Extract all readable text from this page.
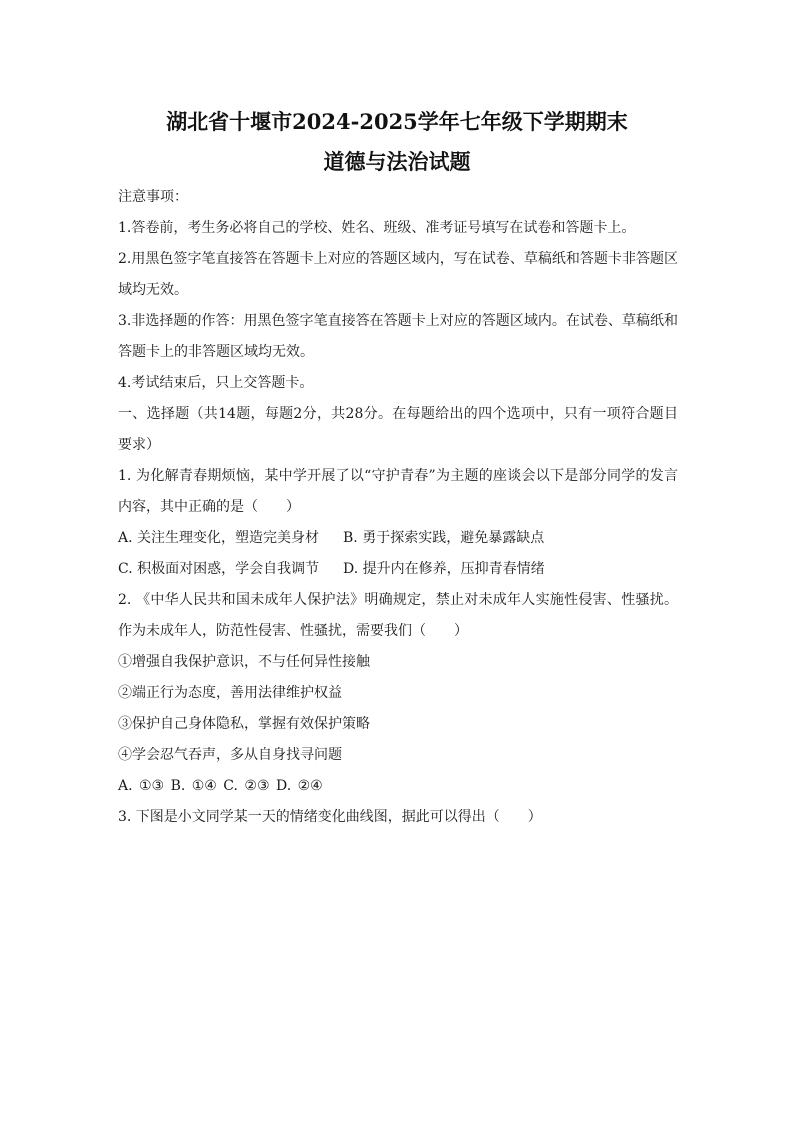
湖北省十堰市2024-2025学年七年级下学期期末
道德与法治试题
注意事项：
1.答卷前，考生务必将自己的学校、姓名、班级、准考证号填写在试卷和答题卡上。
2.用黑色签字笔直接答在答题卡上对应的答题区域内，写在试卷、草稿纸和答题卡非答题区
域均无效。
3.非选择题的作答：用黑色签字笔直接答在答题卡上对应的答题区域内。在试卷、草稿纸和
答题卡上的非答题区域均无效。
4.考试结束后，只上交答题卡。
一、选择题（共14题，每题2分，共28分。在每题给出的四个选项中，只有一项符合题目
要求）
1. 为化解青春期烦恼，某中学开展了以“守护青春”为主题的座谈会以下是部分同学的发言
内容，其中正确的是（　　）
A. 关注生理变化，塑造完美身材 B. 勇于探索实践，避免暴露缺点
C. 积极面对困惑，学会自我调节 D. 提升内在修养，压抑青春情绪
2. 《中华人民共和国未成年人保护法》明确规定，禁止对未成年人实施性侵害、性骚扰。
作为未成年人，防范性侵害、性骚扰，需要我们（　　）
①增强自我保护意识，不与任何异性接触
②端正行为态度，善用法律维护权益
③保护自己身体隐私，掌握有效保护策略
④学会忍气吞声，多从自身找寻问题
A. ①③ B. ①④ C. ②③ D. ②④
3. 下图是小文同学某一天的情绪变化曲线图，据此可以得出（　　）
